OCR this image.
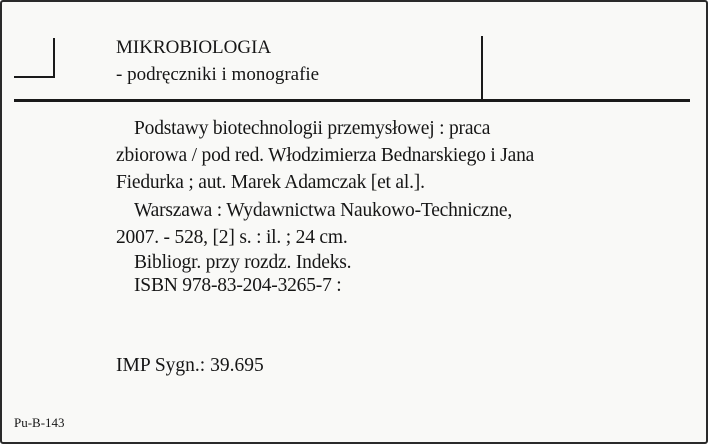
MIKROBIOLOGIA
- podręczniki i monografie
Podstawy biotechnologii przemysłowej : praca
zbiorowa / pod red. Włodzimierza Bednarskiego i Jana
Fiedurka ; aut. Marek Adamczak [et al.].
Warszawa : Wydawnictwa Naukowo-Techniczne,
2007. - 528, [2] s. : il. ; 24 cm.
Bibliogr. przy rozdz. Indeks.
ISBN 978-83-204-3265-7 :
IMP Sygn.: 39.695
Pu-B-143
